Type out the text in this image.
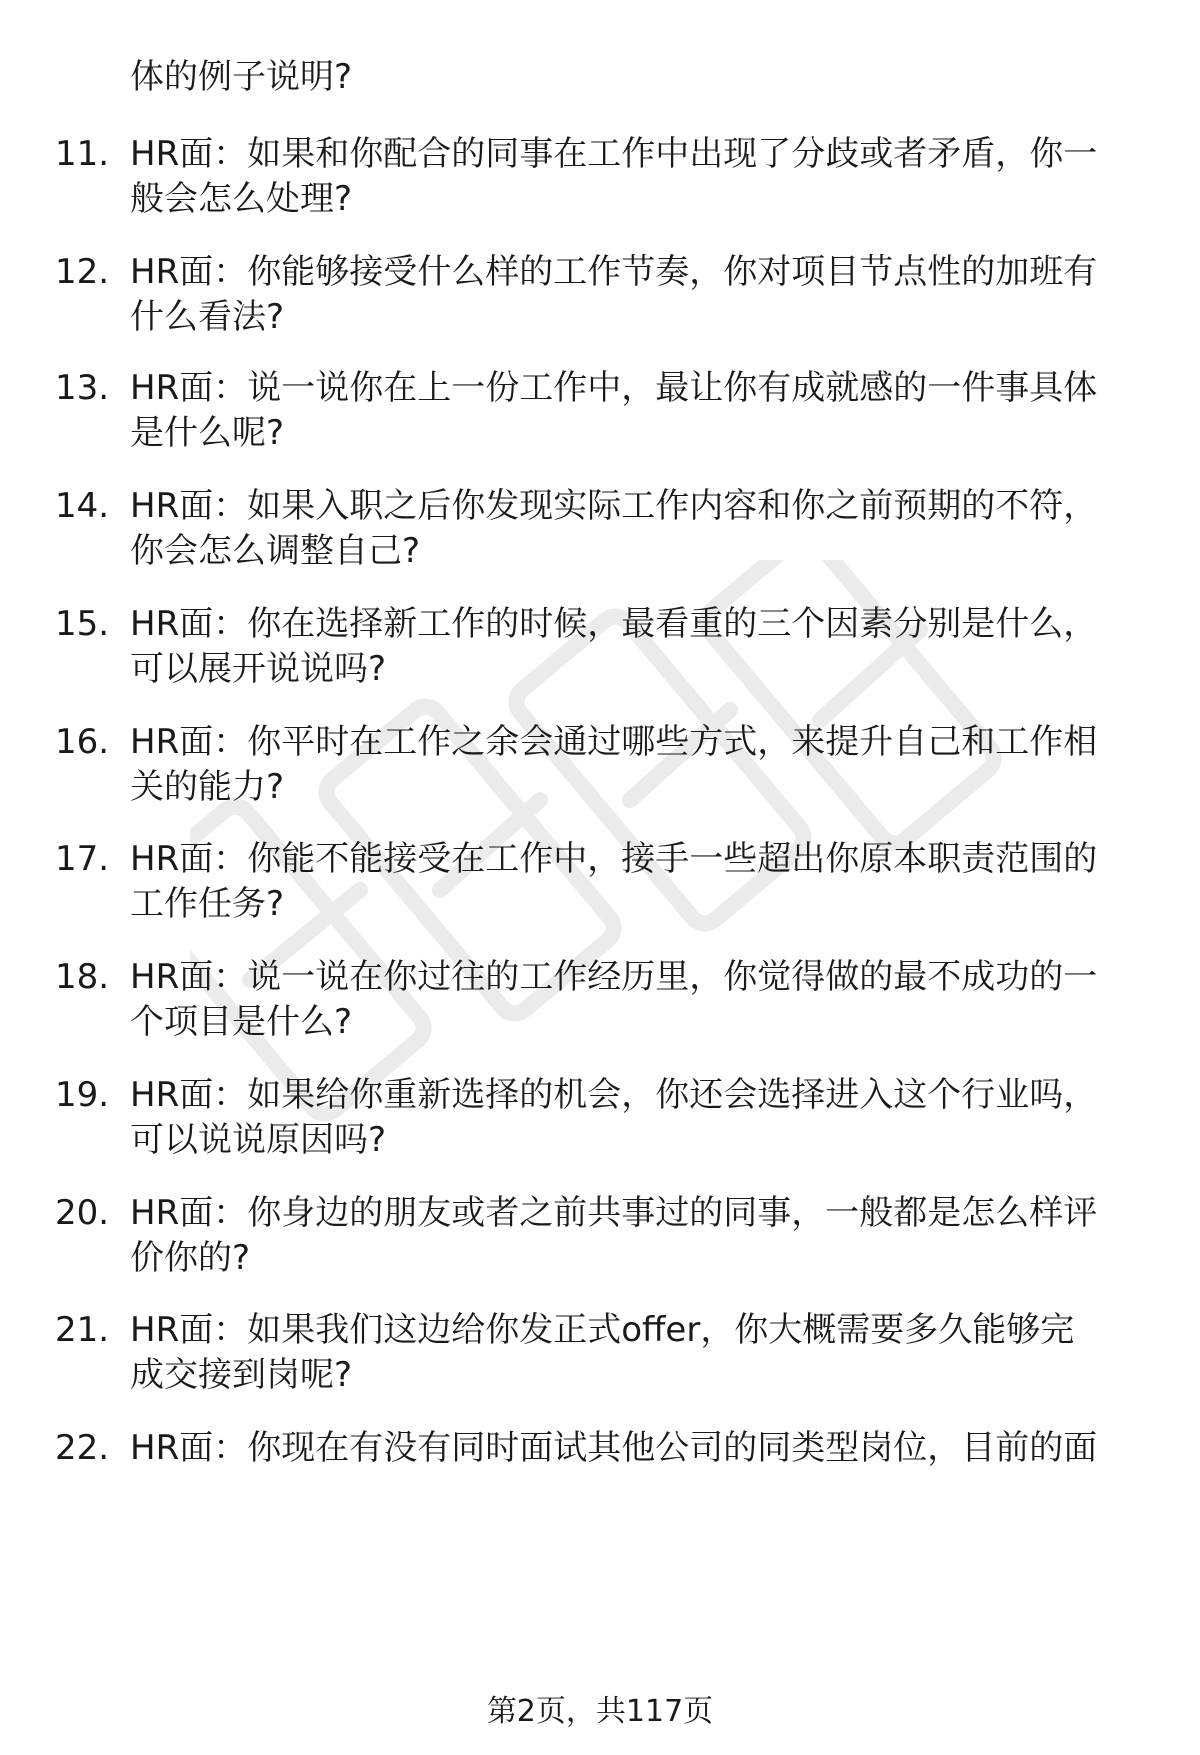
体的例子说明?
11. HR面：如果和你配合的同事在工作中出现了分歧或者矛盾，你一
般会怎么处理?
12. HR面：你能够接受什么样的工作节奏，你对项目节点性的加班有
什么看法?
13. HR面：说一说你在上一份工作中，最让你有成就感的一件事具体
是什么呢?
14. HR面：如果入职之后你发现实际工作内容和你之前预期的不符，
你会怎么调整自己?
15. HR面：你在选择新工作的时候，最看重的三个因素分别是什么，
可以展开说说吗?
16. HR面：你平时在工作之余会通过哪些方式，来提升自己和工作相
关的能力?
17. HR面：你能不能接受在工作中，接手一些超出你原本职责范围的
工作任务?
18. HR面：说一说在你过往的工作经历里，你觉得做的最不成功的一
个项目是什么?
19. HR面：如果给你重新选择的机会，你还会选择进入这个行业吗，
可以说说原因吗?
20. HR面：你身边的朋友或者之前共事过的同事，一般都是怎么样评
价你的?
21. HR面：如果我们这边给你发正式offer，你大概需要多久能够完
成交接到岗呢?
22. HR面：你现在有没有同时面试其他公司的同类型岗位，目前的面
第2页，共117页
